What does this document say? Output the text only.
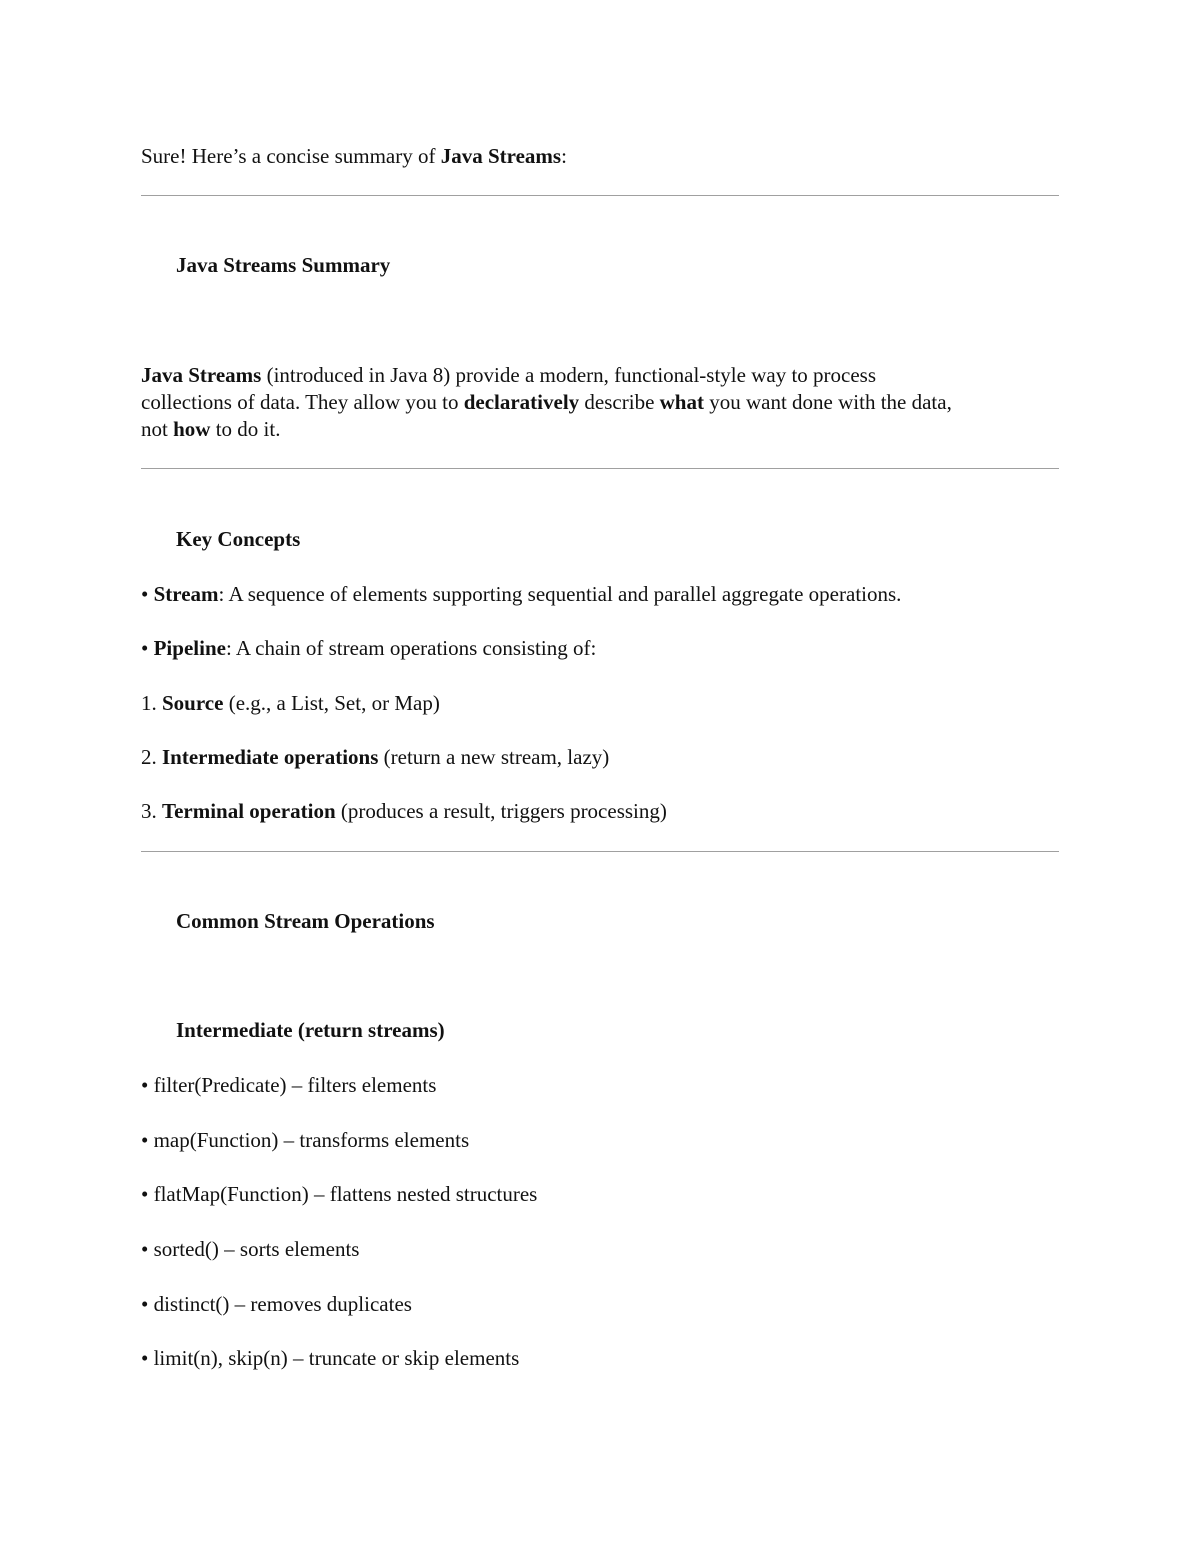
Sure! Here’s a concise summary of Java Streams:
Java Streams Summary
Java Streams (introduced in Java 8) provide a modern, functional-style way to process
collections of data. They allow you to declaratively describe what you want done with the data,
not how to do it.
Key Concepts
• Stream: A sequence of elements supporting sequential and parallel aggregate operations.
• Pipeline: A chain of stream operations consisting of:
1. Source (e.g., a List, Set, or Map)
2. Intermediate operations (return a new stream, lazy)
3. Terminal operation (produces a result, triggers processing)
Common Stream Operations
Intermediate (return streams)
• filter(Predicate) – filters elements
• map(Function) – transforms elements
• flatMap(Function) – flattens nested structures
• sorted() – sorts elements
• distinct() – removes duplicates
• limit(n), skip(n) – truncate or skip elements
